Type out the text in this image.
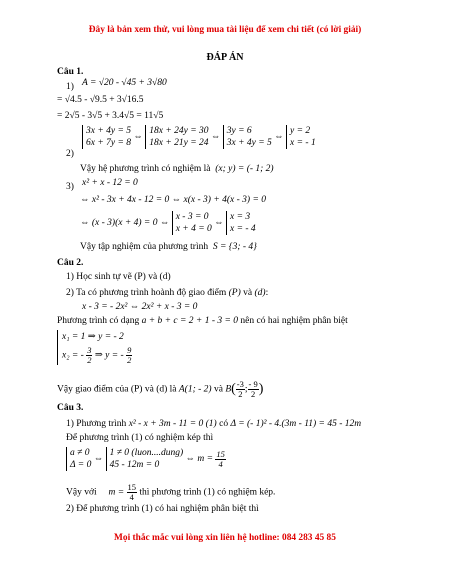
Đây là bản xem thử, vui lòng mua tài liệu để xem chi tiết (có lời giải)
ĐÁP ÁN
Câu 1.
1) A = √20 - √45 + 3√80
= √4.5 - √9.5 + 3√16.5
= 2√5 - 3√5 + 3.4√5 = 11√5
2)
3x + 4y = 5
6x + 7y = 8 ⇔ 18x + 24y = 30
18x + 21y = 24 ⇔ 3y = 6
3x + 4y = 5 ⇔ y = 2
x = - 1
Vậy hệ phương trình có nghiệm là (x; y) = (- 1; 2)
3) x² + x - 12 = 0
⇔ x² - 3x + 4x - 12 = 0 ⇔ x(x - 3) + 4(x - 3) = 0
⇔ (x - 3)(x + 4) = 0 ⇔ x - 3 = 0
x + 4 = 0 ⇔ x = 3
x = - 4
Vậy tập nghiệm của phương trình S = {3; - 4}
Câu 2.
1) Học sinh tự vẽ (P) và (d)
2) Ta có phương trình hoành độ giao điểm (P) và (d):
x - 3 = - 2x² ⇔ 2x² + x - 3 = 0
Phương trình có dạng a + b + c = 2 + 1 - 3 = 0 nên có hai nghiệm phân biệt
x₁ = 1 ⇒ y = - 2
x₂ = - $\frac{3}{2}$ ⇒ y = - $\frac{9}{2}$
Vậy giao điểm của (P) và (d) là A(1; - 2) và $B( \frac{-3}{2}$ ; $\frac{- 9}{2}$ )
Câu 3.
1) Phương trình x² - x + 3m - 11 = 0 (1) có Δ = (- 1)² - 4.(3m - 11) = 45 - 12m
Để phương trình (1) có nghiệm kép thì
a ≠ 0
Δ = 0 ⇔ 1 ≠ 0 (luon....dung)
45 - 12m = 0 ⇔ $m = \frac{15}{4}$
Vậy với $m = \frac{15}{4}$ thì phương trình (1) có nghiệm kép.
2) Để phương trình (1) có hai nghiệm phân biệt thì
Mọi thắc mắc vui lòng xin liên hệ hotline: 084 283 45 85
